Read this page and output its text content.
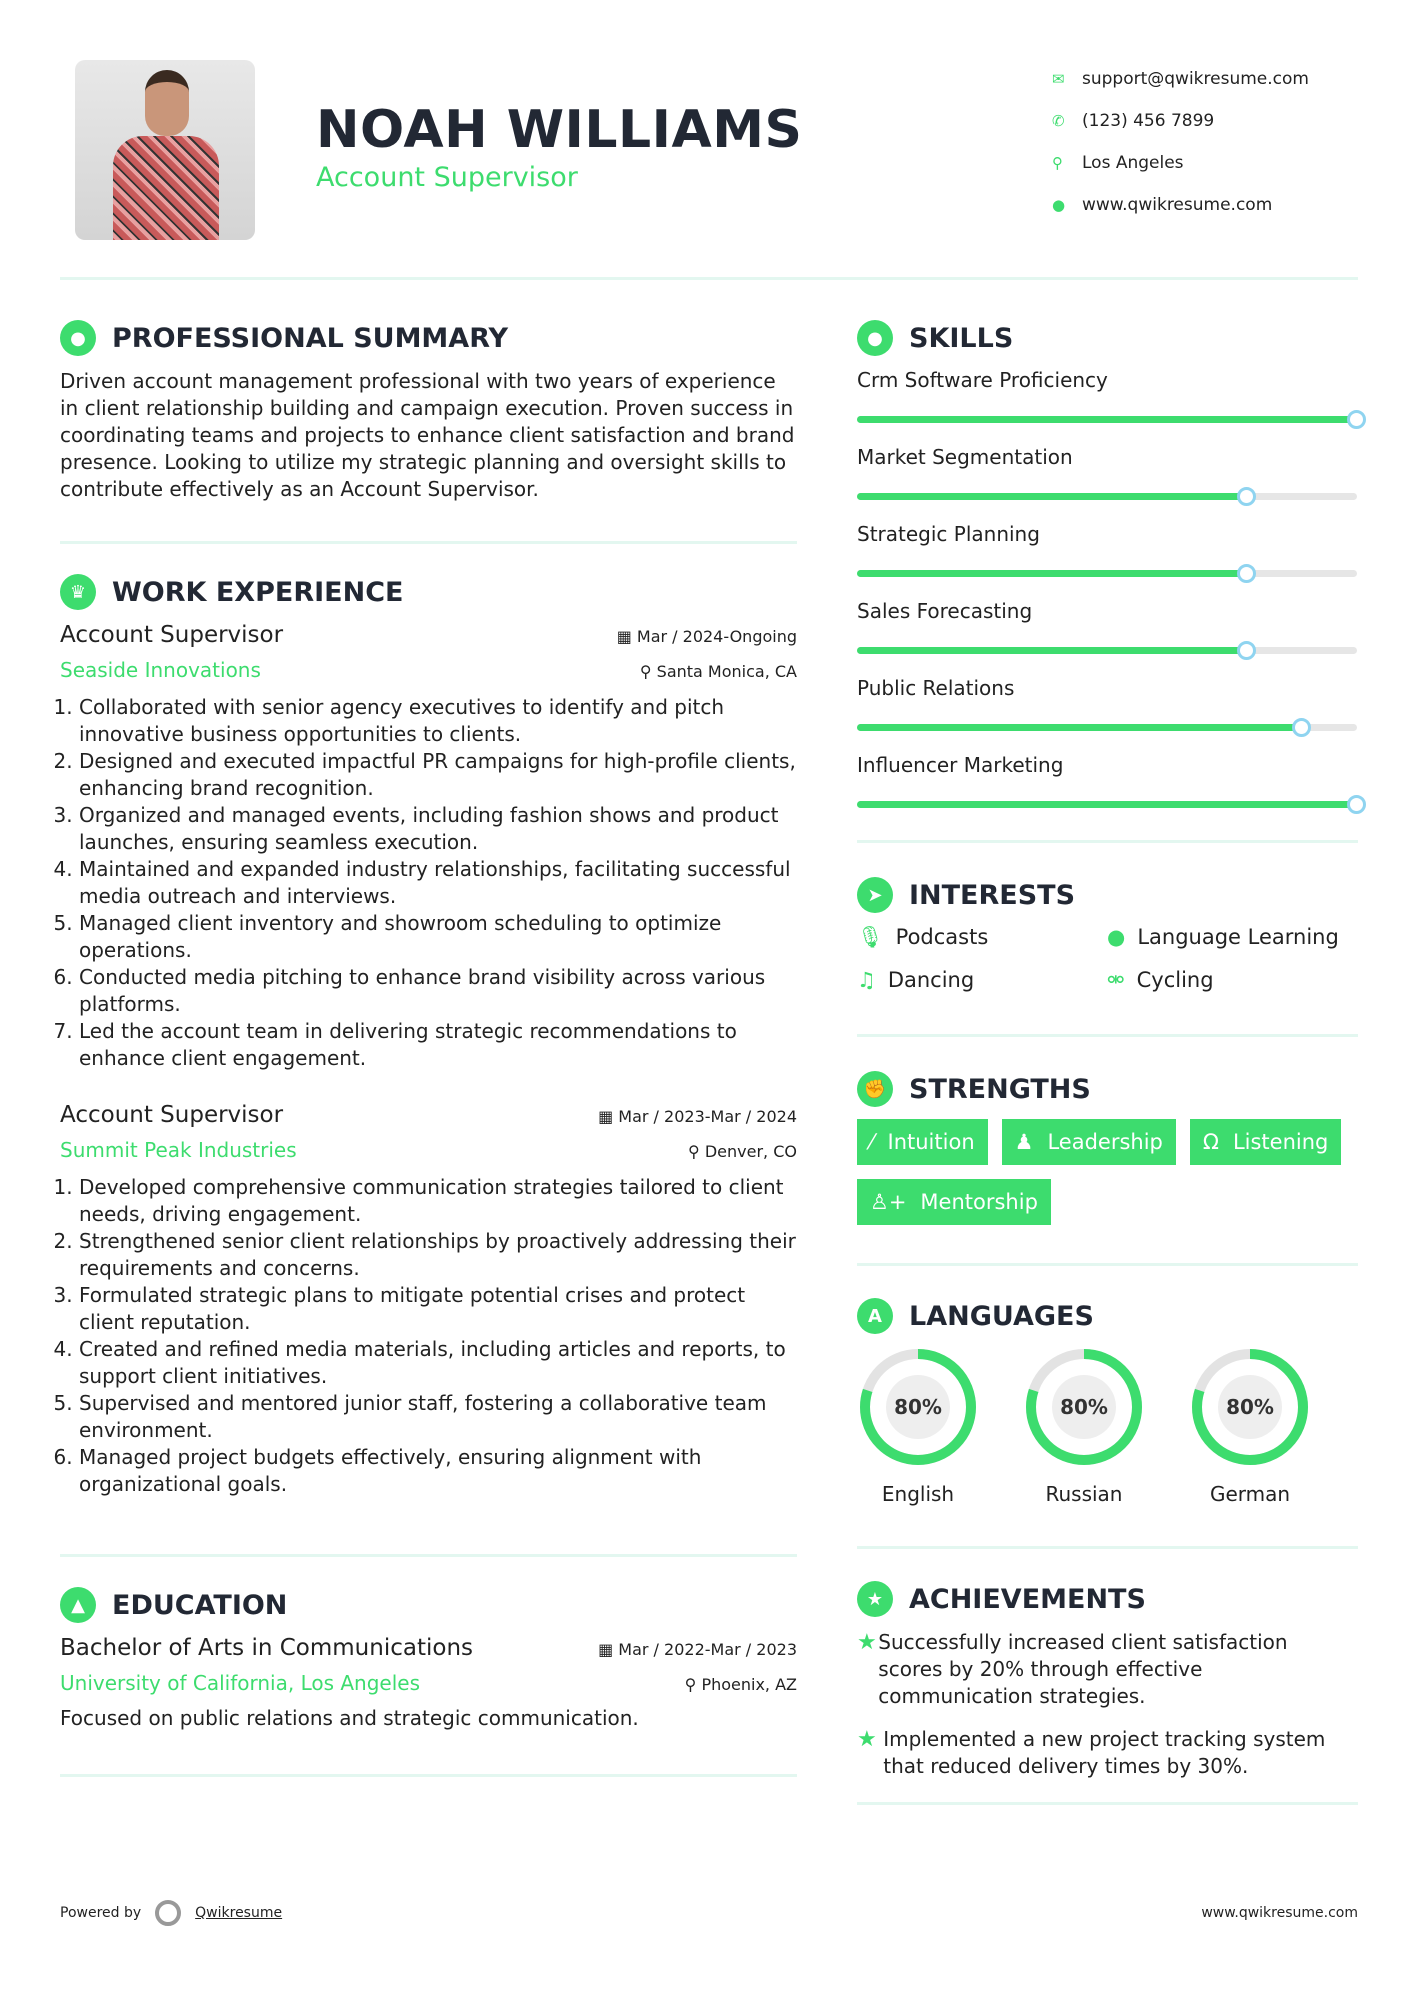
NOAH WILLIAMS
Account Supervisor
✉	support@qwikresume.com
✆	(123) 456 7899
⚲	Los Angeles
● www.qwikresume.com
● PROFESSIONAL SUMMARY

Driven account management professional with two years of experience in client relationship building and campaign execution. Proven success in coordinating teams and projects to enhance client satisfaction and brand presence. Looking to utilize my strategic planning and oversight skills to contribute effectively as an Account Supervisor.

♛ WORK EXPERIENCE
Account Supervisor	▦ Mar / 2024-Ongoing
Seaside Innovations	⚲ Santa Monica, CA
1. Collaborated with senior agency executives to identify and pitch innovative business opportunities to clients.
2. Designed and executed impactful PR campaigns for high-profile clients, enhancing brand recognition.
3. Organized and managed events, including fashion shows and product launches, ensuring seamless execution.
4. Maintained and expanded industry relationships, facilitating successful media outreach and interviews.
5. Managed client inventory and showroom scheduling to optimize operations.
6. Conducted media pitching to enhance brand visibility across various platforms.
7. Led the account team in delivering strategic recommendations to enhance client engagement.
Account Supervisor	▦ Mar / 2023-Mar / 2024
Summit Peak Industries	⚲ Denver, CO
1. Developed comprehensive communication strategies tailored to client needs, driving engagement.
2. Strengthened senior client relationships by proactively addressing their requirements and concerns.
3. Formulated strategic plans to mitigate potential crises and protect client reputation.
4. Created and refined media materials, including articles and reports, to support client initiatives.
5. Supervised and mentored junior staff, fostering a collaborative team environment.
6. Managed project budgets effectively, ensuring alignment with organizational goals.
▲	EDUCATION
Bachelor of Arts in Communications	▦ Mar / 2022-Mar / 2023
University of California, Los Angeles	⚲ Phoenix, AZ

Focused on public relations and strategic communication.

● SKILLS
Crm Software Proficiency
Market Segmentation
Strategic Planning
Sales Forecasting
Public Relations
Influencer Marketing
➤ INTERESTS
🎙 Podcasts	● Language Learning
♫ Dancing	⚮ Cycling
✊ STRENGTHS
⁄ Intuition ♟ Leadership Ω Listening
♙+ Mentorship
A	LANGUAGES
80%
English
80%
Russian
80%
German
★ ACHIEVEMENTS
★ Successfully increased client satisfaction scores by 20% through effective communication strategies.
★ Implemented a new project tracking system that reduced delivery times by 30%.
Powered by	Qwikresume	www.qwikresume.com
